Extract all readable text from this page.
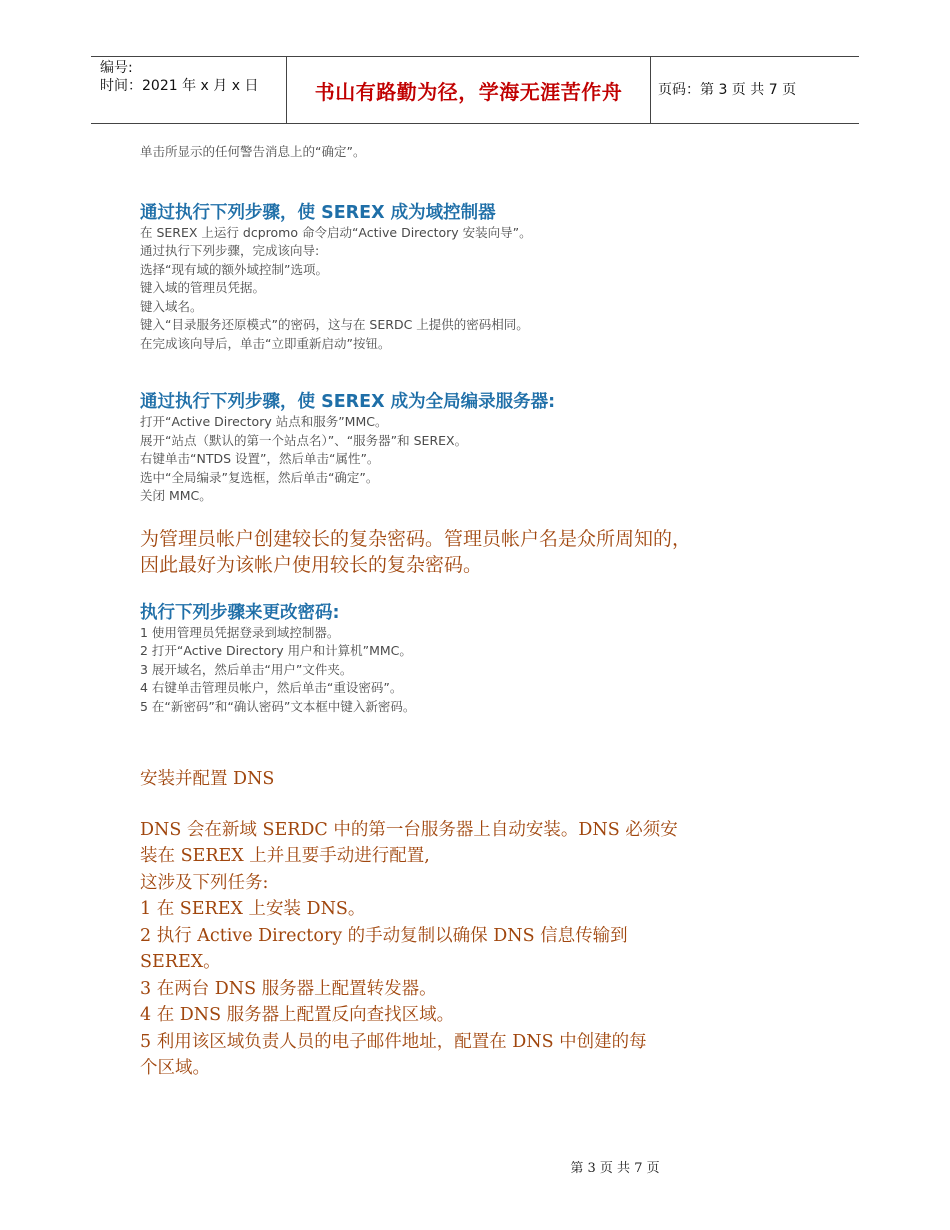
编号:
时间：2021 年 x 月 x 日	书山有路勤为径，学海无涯苦作舟	页码：第 3 页 共 7 页

单击所显示的任何警告消息上的“确定”。

通过执行下列步骤，使 SEREX 成为域控制器

在 SEREX 上运行 dcpromo 命令启动“Active Directory 安装向导”。

通过执行下列步骤，完成该向导:

选择“现有域的额外域控制”选项。

键入域的管理员凭据。

键入域名。

键入“目录服务还原模式”的密码，这与在 SERDC 上提供的密码相同。

在完成该向导后，单击“立即重新启动”按钮。

通过执行下列步骤，使 SEREX 成为全局编录服务器:

打开“Active Directory 站点和服务”MMC。

展开“站点（默认的第一个站点名）”、“服务器”和 SEREX。

右键单击“NTDS 设置”，然后单击“属性”。

选中“全局编录”复选框，然后单击“确定”。

关闭 MMC。

为管理员帐户创建较长的复杂密码。管理员帐户名是众所周知的，

因此最好为该帐户使用较长的复杂密码。

执行下列步骤来更改密码:

1 使用管理员凭据登录到域控制器。

2 打开“Active Directory 用户和计算机”MMC。

3 展开域名，然后单击“用户”文件夹。

4 右键单击管理员帐户，然后单击“重设密码”。

5 在“新密码”和“确认密码”文本框中键入新密码。

安装并配置 DNS

DNS 会在新域 SERDC 中的第一台服务器上自动安装。DNS 必须安

装在 SEREX 上并且要手动进行配置,

这涉及下列任务:

1 在 SEREX 上安装 DNS。

2 执行 Active Directory 的手动复制以确保 DNS 信息传输到

SEREX。

3 在两台 DNS 服务器上配置转发器。

4 在 DNS 服务器上配置反向查找区域。

5 利用该区域负责人员的电子邮件地址，配置在 DNS 中创建的每

个区域。

第 3 页 共 7 页
